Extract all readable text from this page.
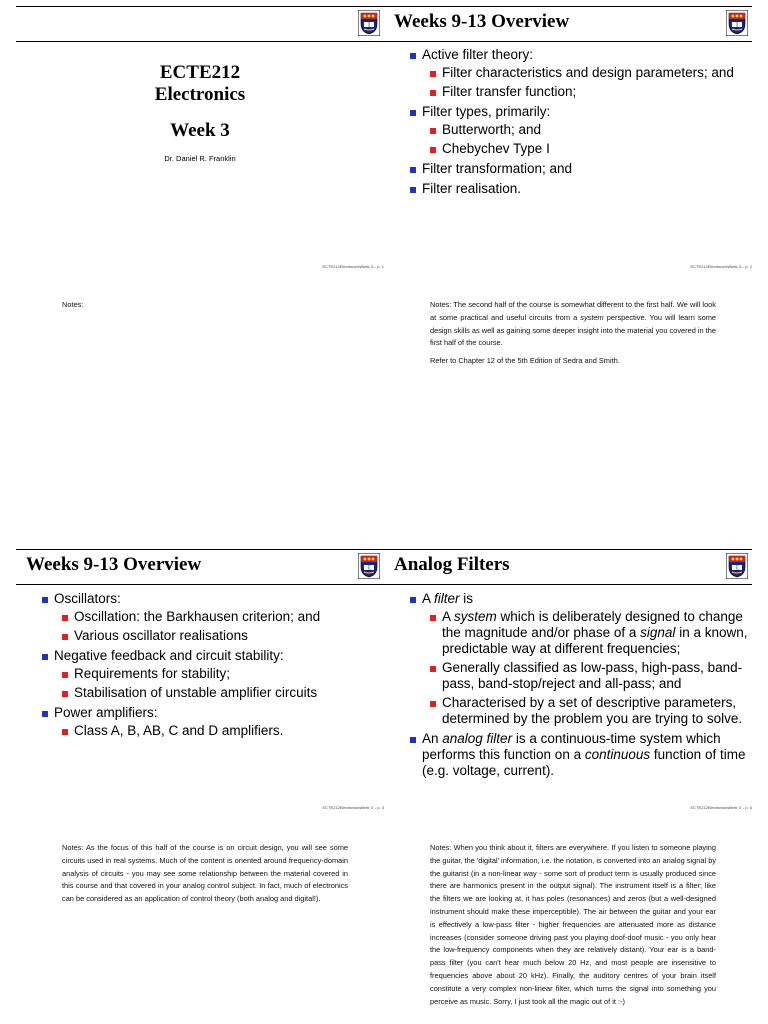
ECTE212
Electronics
Week 3
Dr. Daniel R. Franklin
ECTE212ElectronicsWeek 3 – p. 1

Notes:

Weeks 9-13 Overview
Active filter theory:
Filter characteristics and design parameters; and
Filter transfer function;
Filter types, primarily:
Butterworth; and
Chebychev Type I
Filter transformation; and
Filter realisation.
ECTE212ElectronicsWeek 3 – p. 2

Notes: The second half of the course is somewhat different to the first half. We will look at some practical and useful circuits from a system perspective. You will learn some design skills as well as gaining some deeper insight into the material you covered in the first half of the course.

Refer to Chapter 12 of the 5th Edition of Sedra and Smith.

Weeks 9-13 Overview
Oscillators:
Oscillation: the Barkhausen criterion; and
Various oscillator realisations
Negative feedback and circuit stability:
Requirements for stability;
Stabilisation of unstable amplifier circuits
Power amplifiers:
Class A, B, AB, C and D amplifiers.
ECTE212ElectronicsWeek 3 – p. 3

Notes: As the focus of this half of the course is on circuit design, you will see some circuits used in real systems. Much of the content is oriented around frequency-domain analysis of circuits - you may see some relationship between the material covered in this course and that covered in your analog control subject. In fact, much of electronics can be considered as an application of control theory (both analog and digital!).

Analog Filters
A filter is
A system which is deliberately designed to change the magnitude and/or phase of a signal in a known, predictable way at different frequencies;
Generally classified as low-pass, high-pass, band-pass, band-stop/reject and all-pass; and
Characterised by a set of descriptive parameters, determined by the problem you are trying to solve.
An analog filter is a continuous-time system which performs this function on a continuous function of time (e.g. voltage, current).
ECTE212ElectronicsWeek 3 – p. 4

Notes: When you think about it, filters are everywhere. If you listen to someone playing the guitar, the 'digital' information, i.e. the notation, is converted into an analog signal by the guitarist (in a non-linear way - some sort of product term is usually produced since there are harmonics present in the output signal). The instrument itself is a filter; like the filters we are looking at, it has poles (resonances) and zeros (but a well-designed instrument should make these imperceptible). The air between the guitar and your ear is effectively a low-pass filter - higher frequencies are attenuated more as distance increases (consider someone driving past you playing doof-doof music - you only hear the low-frequency components when they are relatively distant). Your ear is a band-pass filter (you can't hear much below 20 Hz, and most people are insensitive to frequencies above about 20 kHz). Finally, the auditory centres of your brain itself constitute a very complex non-linear filter, which turns the signal into something you perceive as music. Sorry, I just took all the magic out of it :-)
